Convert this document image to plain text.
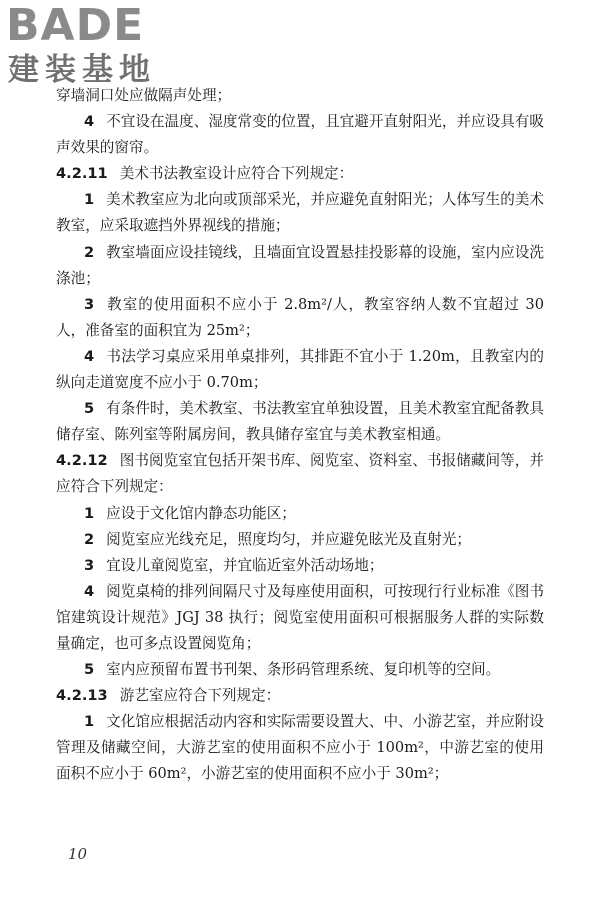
BADE
建装基地

穿墙洞口处应做隔声处理；

4 不宜设在温度、湿度常变的位置，且宜避开直射阳光，并应设具有吸声效果的窗帘。

4.2.11 美术书法教室设计应符合下列规定：

1 美术教室应为北向或顶部采光，并应避免直射阳光；人体写生的美术教室，应采取遮挡外界视线的措施；

2 教室墙面应设挂镜线，且墙面宜设置悬挂投影幕的设施，室内应设洗涤池；

3 教室的使用面积不应小于 2.8m²/人，教室容纳人数不宜超过 30 人，准备室的面积宜为 25m²；

4 书法学习桌应采用单桌排列，其排距不宜小于 1.20m，且教室内的纵向走道宽度不应小于 0.70m；

5 有条件时，美术教室、书法教室宜单独设置，且美术教室宜配备教具储存室、陈列室等附属房间，教具储存室宜与美术教室相通。

4.2.12 图书阅览室宜包括开架书库、阅览室、资料室、书报储藏间等，并应符合下列规定：

1 应设于文化馆内静态功能区；

2 阅览室应光线充足，照度均匀，并应避免眩光及直射光；

3 宜设儿童阅览室，并宜临近室外活动场地；

4 阅览桌椅的排列间隔尺寸及每座使用面积，可按现行行业标准《图书馆建筑设计规范》JGJ 38 执行；阅览室使用面积可根据服务人群的实际数量确定，也可多点设置阅览角；

5 室内应预留布置书刊架、条形码管理系统、复印机等的空间。

4.2.13 游艺室应符合下列规定：

1 文化馆应根据活动内容和实际需要设置大、中、小游艺室，并应附设管理及储藏空间，大游艺室的使用面积不应小于 100m²，中游艺室的使用面积不应小于 60m²，小游艺室的使用面积不应小于 30m²；

10
